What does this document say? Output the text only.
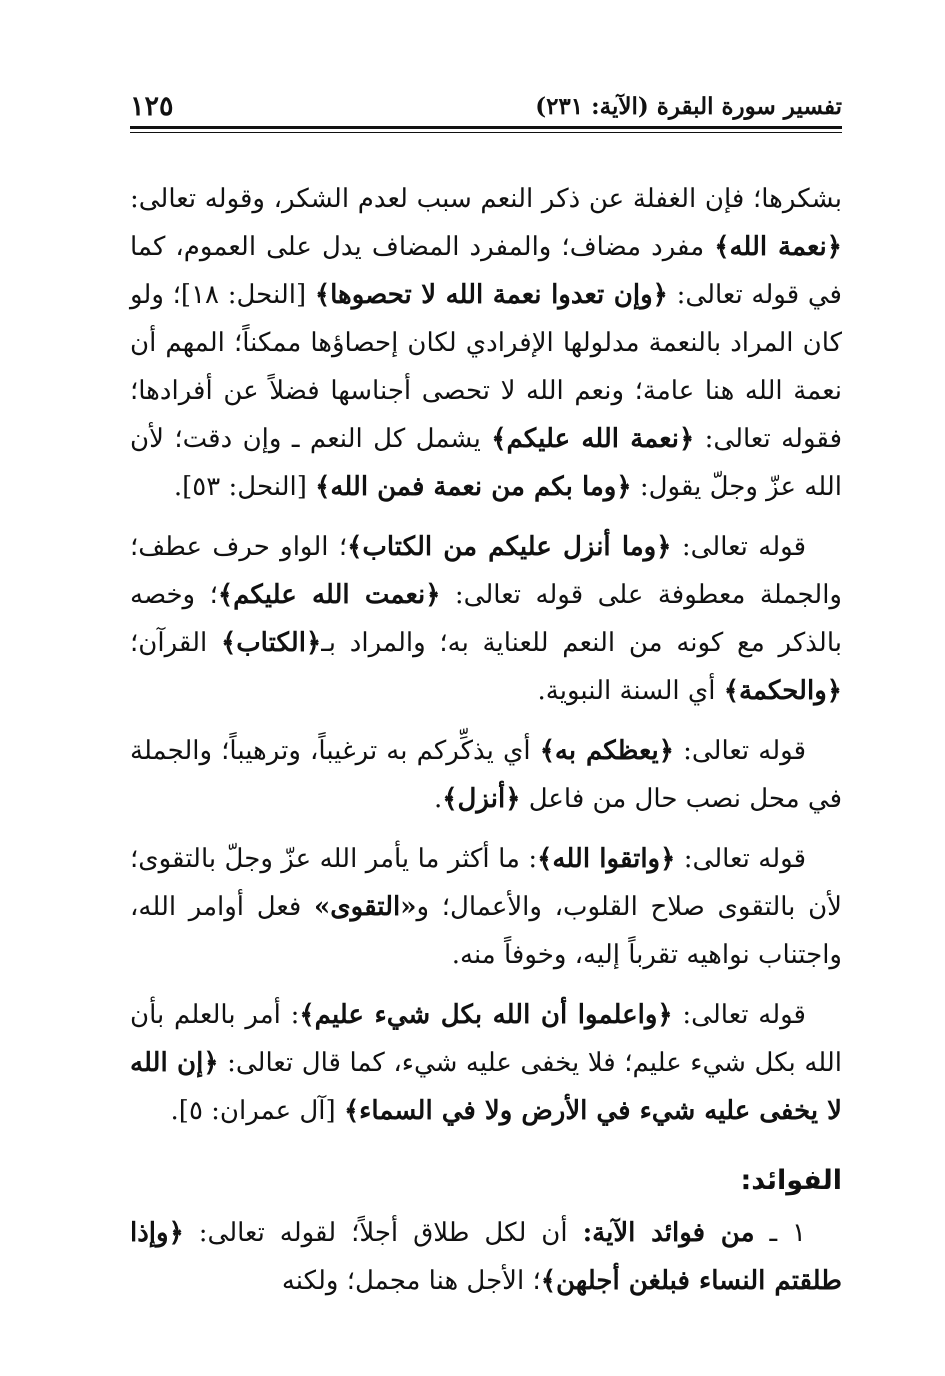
تفسير سورة البقرة (الآية: ٢٣١)
١٢٥

بشكرها؛ فإن الغفلة عن ذكر النعم سبب لعدم الشكر، وقوله تعالى: ﴿نعمة الله﴾ مفرد مضاف؛ والمفرد المضاف يدل على العموم، كما في قوله تعالى: ﴿وإن تعدوا نعمة الله لا تحصوها﴾ [النحل: ١٨]؛ ولو كان المراد بالنعمة مدلولها الإفرادي لكان إحصاؤها ممكناً؛ المهم أن نعمة الله هنا عامة؛ ونعم الله لا تحصى أجناسها فضلاً عن أفرادها؛ فقوله تعالى: ﴿نعمة الله عليكم﴾ يشمل كل النعم ـ وإن دقت؛ لأن الله عزّ وجلّ يقول: ﴿وما بكم من نعمة فمن الله﴾ [النحل: ٥٣].

قوله تعالى: ﴿وما أنزل عليكم من الكتاب﴾؛ الواو حرف عطف؛ والجملة معطوفة على قوله تعالى: ﴿نعمت الله عليكم﴾؛ وخصه بالذكر مع كونه من النعم للعناية به؛ والمراد بـ﴿الكتاب﴾ القرآن؛ ﴿والحكمة﴾ أي السنة النبوية.

قوله تعالى: ﴿يعظكم به﴾ أي يذكِّركم به ترغيباً، وترهيباً؛ والجملة في محل نصب حال من فاعل ﴿أنزل﴾.

قوله تعالى: ﴿واتقوا الله﴾: ما أكثر ما يأمر الله عزّ وجلّ بالتقوى؛ لأن بالتقوى صلاح القلوب، والأعمال؛ و«التقوى» فعل أوامر الله، واجتناب نواهيه تقرباً إليه، وخوفاً منه.

قوله تعالى: ﴿واعلموا أن الله بكل شيء عليم﴾: أمر بالعلم بأن الله بكل شيء عليم؛ فلا يخفى عليه شيء، كما قال تعالى: ﴿إن الله لا يخفى عليه شيء في الأرض ولا في السماء﴾ [آل عمران: ٥].

الفوائد:

١ ـ من فوائد الآية: أن لكل طلاق أجلاً؛ لقوله تعالى: ﴿وإذا طلقتم النساء فبلغن أجلهن﴾؛ الأجل هنا مجمل؛ ولكنه
